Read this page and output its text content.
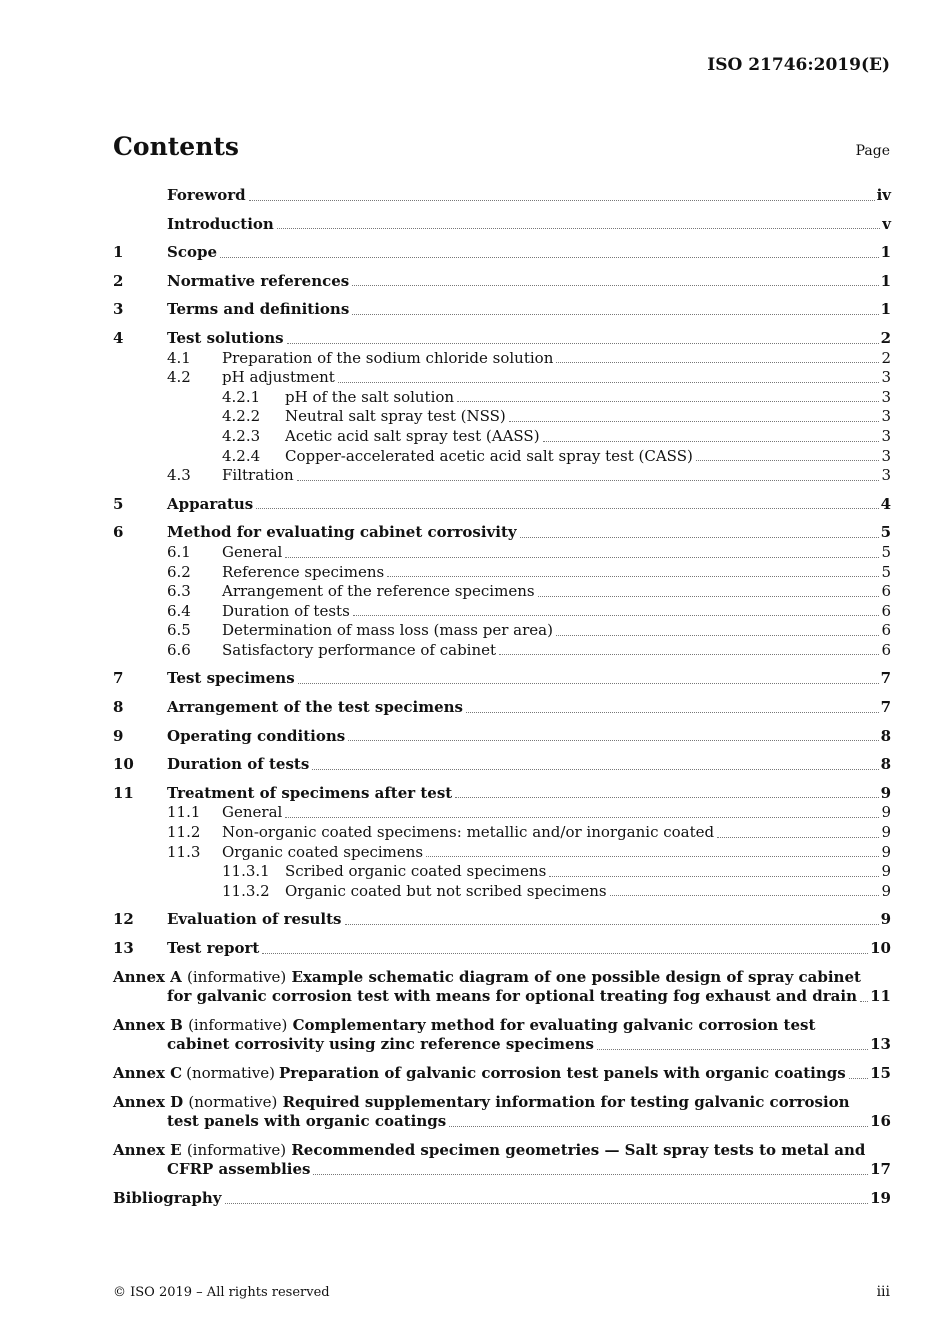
ISO 21746:2019(E)
Contents	Page
Foreword	iv
Introduction	v
1	Scope	1
2	Normative references	1
3	Terms and definitions	1
4	Test solutions	2
4.1	Preparation of the sodium chloride solution	2
4.2	pH adjustment	3
4.2.1	pH of the salt solution	3
4.2.2	Neutral salt spray test (NSS)	3
4.2.3	Acetic acid salt spray test (AASS)	3
4.2.4	Copper-accelerated acetic acid salt spray test (CASS)	3
4.3	Filtration	3
5	Apparatus	4
6	Method for evaluating cabinet corrosivity	5
6.1	General	5
6.2	Reference specimens	5
6.3	Arrangement of the reference specimens	6
6.4	Duration of tests	6
6.5	Determination of mass loss (mass per area)	6
6.6	Satisfactory performance of cabinet	6
7	Test specimens	7
8	Arrangement of the test specimens	7
9	Operating conditions	8
10	Duration of tests	8
11	Treatment of specimens after test	9
11.1	General	9
11.2	Non-organic coated specimens: metallic and/or inorganic coated	9
11.3	Organic coated specimens	9
11.3.1	Scribed organic coated specimens	9
11.3.2	Organic coated but not scribed specimens	9
12	Evaluation of results	9
13	Test report	10
Annex A (informative) Example schematic diagram of one possible design of spray cabinet
for galvanic corrosion test with means for optional treating fog exhaust and drain 11
Annex B (informative) Complementary method for evaluating galvanic corrosion test
cabinet corrosivity using zinc reference specimens	13
Annex C (normative) Preparation of galvanic corrosion test panels with organic coatings 15
Annex D (normative) Required supplementary information for testing galvanic corrosion
test panels with organic coatings	16
Annex E (informative) Recommended specimen geometries — Salt spray tests to metal and
CFRP assemblies	17
Bibliography	19
© ISO 2019 – All rights reserved	iii
